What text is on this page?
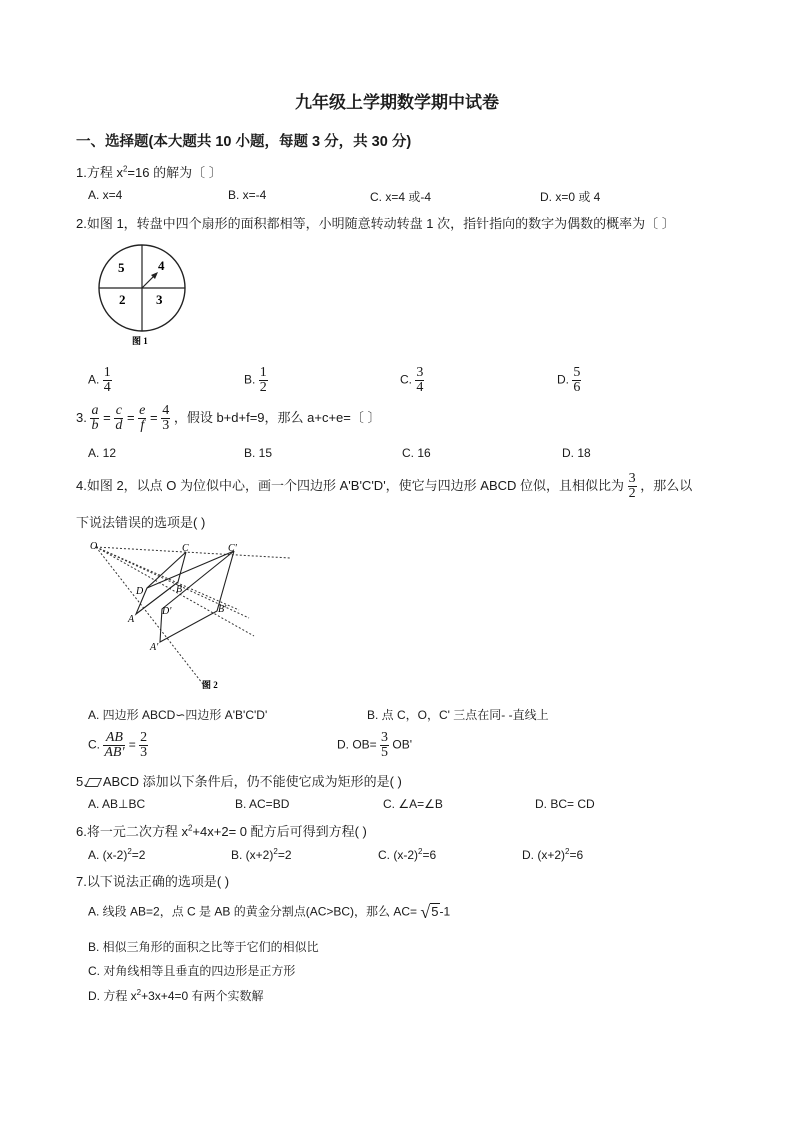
九年级上学期数学期中试卷
一、选择题(本大题共 10 小题，每题 3 分，共 30 分)
1.方程 $x^2=16$ 的解为〔 〕
A. x=4	B. x=-4	C. x=4 或-4	D. x=0 或 4
2.如图 1，转盘中四个扇形的面积都相等，小明随意转动转盘 1 次，指针指向的数字为偶数的概率为〔 〕
5	4
2 3
图 1
A. $\frac{1}{4}$	B. $\frac{1}{2}$	C. $\frac{3}{4}$	D. $\frac{5}{6}$
3. $\frac{a}{b} = \frac{c}{d} = \frac{e}{f} = \frac{4}{3}$ ，假设 b+d+f=9，那么 a+c+e=〔 〕
A. 12	B. 15	C. 16	D. 18
4.如图 2，以点 O 为位似中心，画一个四边形 A'B'C'D'，使它与四边形 ABCD 位似，且相似比为 $\frac{3}{2}$ ，那么以
下说法错误的选项是( )
O	C	C'
D	B
D'	B'
A
A'
图 2
A. 四边形 ABCD∽四边形 A'B'C'D'	B. 点 C，O，C' 三点在同- -直线上
C. $\frac{AB}{AB'} = \frac{2}{3}$	D. $OB= \frac{3}{5} OB'$
5. ABCD 添加以下条件后，仍不能使它成为矩形的是( )
A. AB⊥BC	B. AC=BD	C. ∠A=∠B	D. BC= CD
6.将一元二次方程 $x^2+4x+2= 0$ 配方后可得到方程( )
A. $(x-2)^2=2$	B. $(x+2)^2=2$	C. $(x-2)^2=6$	D. $(x+2)^2=6$
7.以下说法正确的选项是( )
A. 线段 AB=2，点 C 是 AB 的黄金分割点(AC>BC)，那么 AC= √5-1
B. 相似三角形的面积之比等于它们的相似比
C. 对角线相等且垂直的四边形是正方形
D. 方程 $x^2+3x+4=0$ 有两个实数解
